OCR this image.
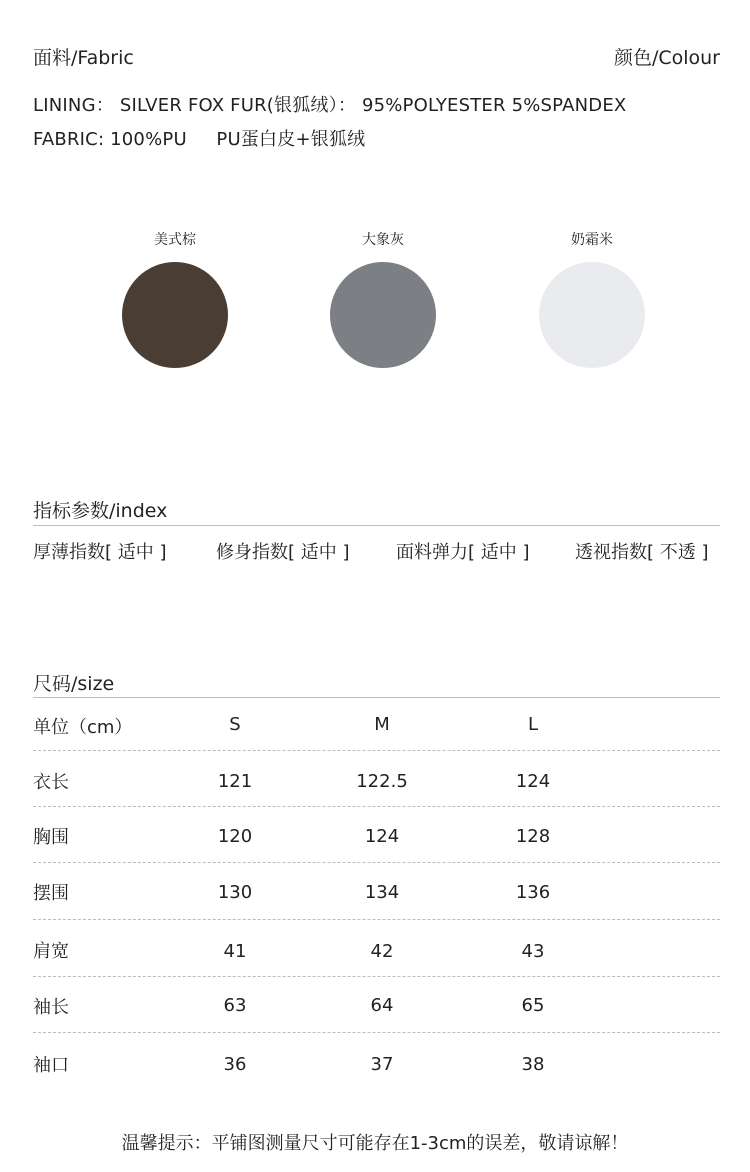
面料/Fabric	颜色/Colour
LINING： SILVER FOX FUR(银狐绒）： 95%POLYESTER 5%SPANDEX
FABRIC: 100%PU     PU蛋白皮+银狐绒
美式棕	大象灰	奶霜米
指标参数/index
厚薄指数[ 适中 ]	修身指数[ 适中 ]	面料弹力[ 适中 ]	透视指数[ 不透 ]
尺码/size
单位（cm）	S	M	L
衣长	121	122.5	124
胸围	120	124	128
摆围	130	134	136
肩宽	41	42	43
袖长	63	64	65
袖口	36	37	38
温馨提示：平铺图测量尺寸可能存在1-3cm的误差，敬请谅解！
